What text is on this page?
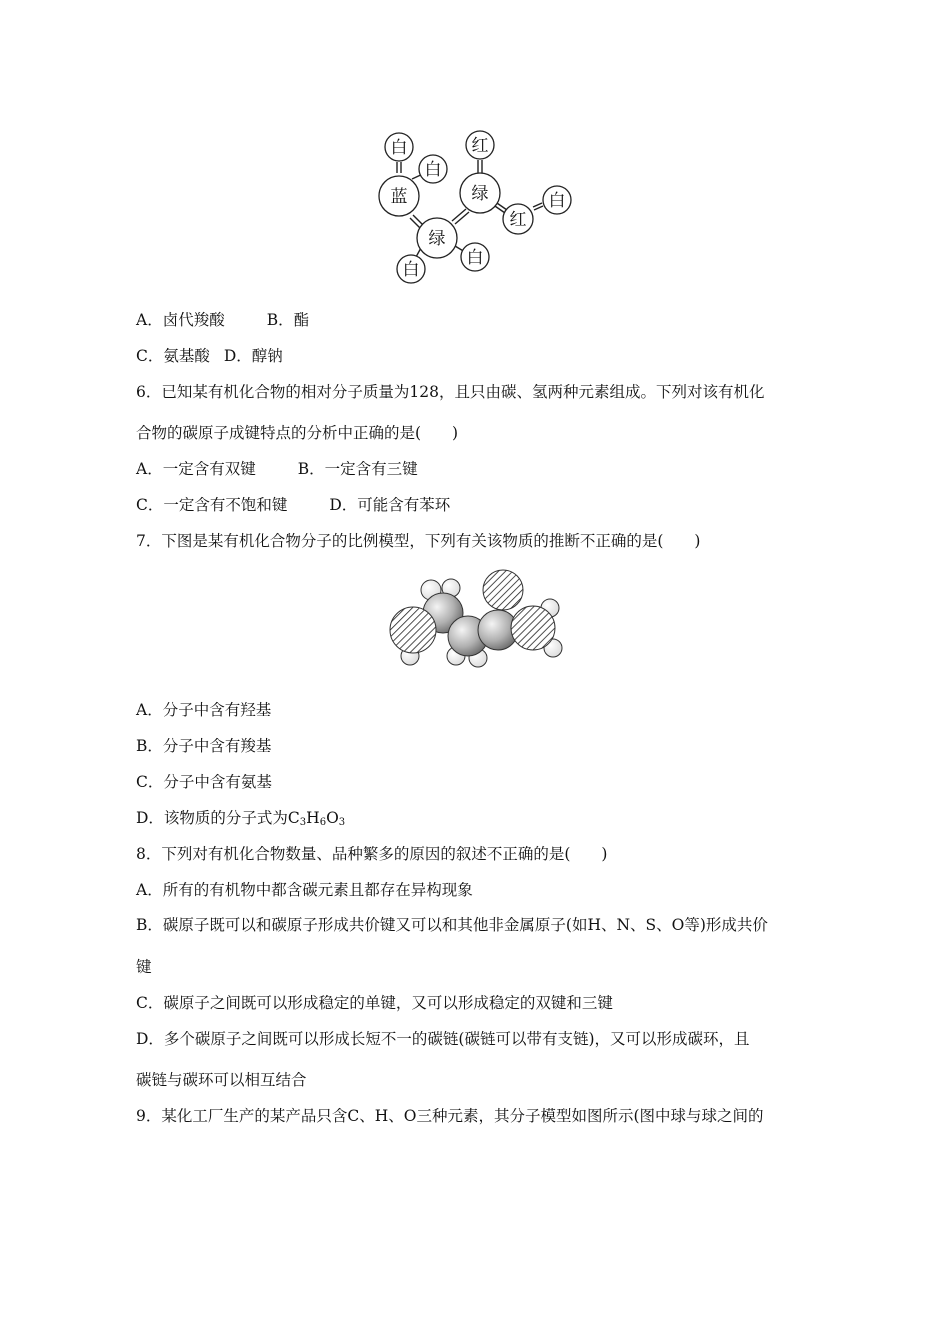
白
白
蓝
红
绿	白
红
绿
白
白
A．卤代羧酸	B．酯
C．氨基酸 D．醇钠
6．已知某有机化合物的相对分子质量为128，且只由碳、氢两种元素组成。下列对该有机化
合物的碳原子成键特点的分析中正确的是(　　)
A．一定含有双键	B．一定含有三键
C．一定含有不饱和键	D．可能含有苯环
7．下图是某有机化合物分子的比例模型，下列有关该物质的推断不正确的是(　　)
A．分子中含有羟基
B．分子中含有羧基
C．分子中含有氨基
D．该物质的分子式为$C_3H_6O_3$
8．下列对有机化合物数量、品种繁多的原因的叙述不正确的是(　　)
A．所有的有机物中都含碳元素且都存在异构现象
B．碳原子既可以和碳原子形成共价键又可以和其他非金属原子(如H、N、S、O等)形成共价
键
C．碳原子之间既可以形成稳定的单键，又可以形成稳定的双键和三键
D．多个碳原子之间既可以形成长短不一的碳链(碳链可以带有支链)，又可以形成碳环，且
碳链与碳环可以相互结合
9．某化工厂生产的某产品只含C、H、O三种元素，其分子模型如图所示(图中球与球之间的
